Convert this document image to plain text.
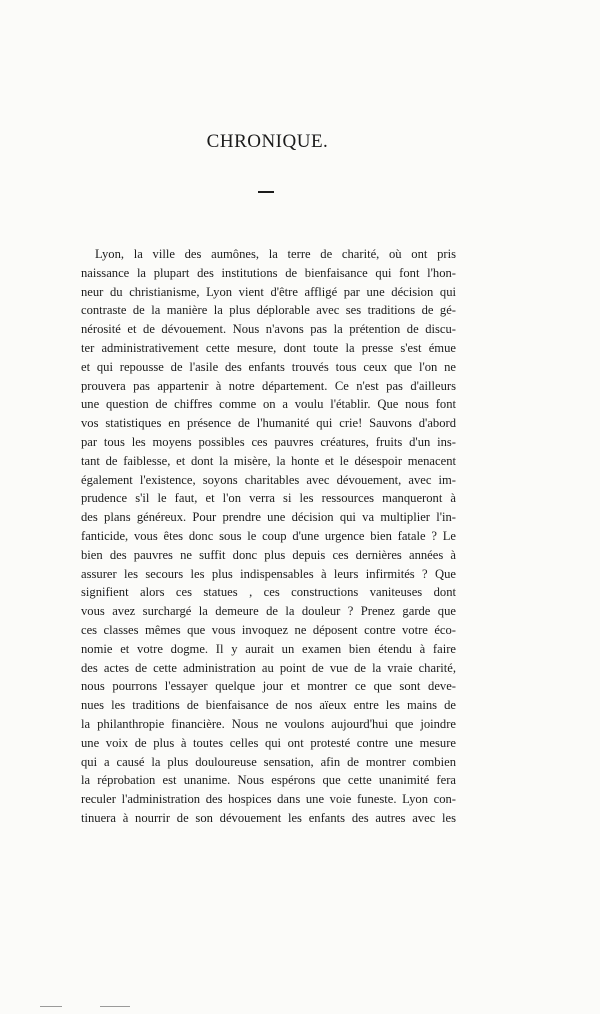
CHRONIQUE.
Lyon, la ville des aumônes, la terre de charité, où ont pris
naissance la plupart des institutions de bienfaisance qui font l'hon-
neur du christianisme, Lyon vient d'être affligé par une décision qui
contraste de la manière la plus déplorable avec ses traditions de gé-
nérosité et de dévouement. Nous n'avons pas la prétention de discu-
ter administrativement cette mesure, dont toute la presse s'est émue
et qui repousse de l'asile des enfants trouvés tous ceux que l'on ne
prouvera pas appartenir à notre département. Ce n'est pas d'ailleurs
une question de chiffres comme on a voulu l'établir. Que nous font
vos statistiques en présence de l'humanité qui crie! Sauvons d'abord
par tous les moyens possibles ces pauvres créatures, fruits d'un ins-
tant de faiblesse, et dont la misère, la honte et le désespoir menacent
également l'existence, soyons charitables avec dévouement, avec im-
prudence s'il le faut, et l'on verra si les ressources manqueront à
des plans généreux. Pour prendre une décision qui va multiplier l'in-
fanticide, vous êtes donc sous le coup d'une urgence bien fatale ? Le
bien des pauvres ne suffit donc plus depuis ces dernières années à
assurer les secours les plus indispensables à leurs infirmités ? Que
signifient alors ces statues , ces constructions vaniteuses dont
vous avez surchargé la demeure de la douleur ? Prenez garde que
ces classes mêmes que vous invoquez ne déposent contre votre éco-
nomie et votre dogme. Il y aurait un examen bien étendu à faire
des actes de cette administration au point de vue de la vraie charité,
nous pourrons l'essayer quelque jour et montrer ce que sont deve-
nues les traditions de bienfaisance de nos aïeux entre les mains de
la philanthropie financière. Nous ne voulons aujourd'hui que joindre
une voix de plus à toutes celles qui ont protesté contre une mesure
qui a causé la plus douloureuse sensation, afin de montrer combien
la réprobation est unanime. Nous espérons que cette unanimité fera
reculer l'administration des hospices dans une voie funeste. Lyon con-
tinuera à nourrir de son dévouement les enfants des autres avec les
